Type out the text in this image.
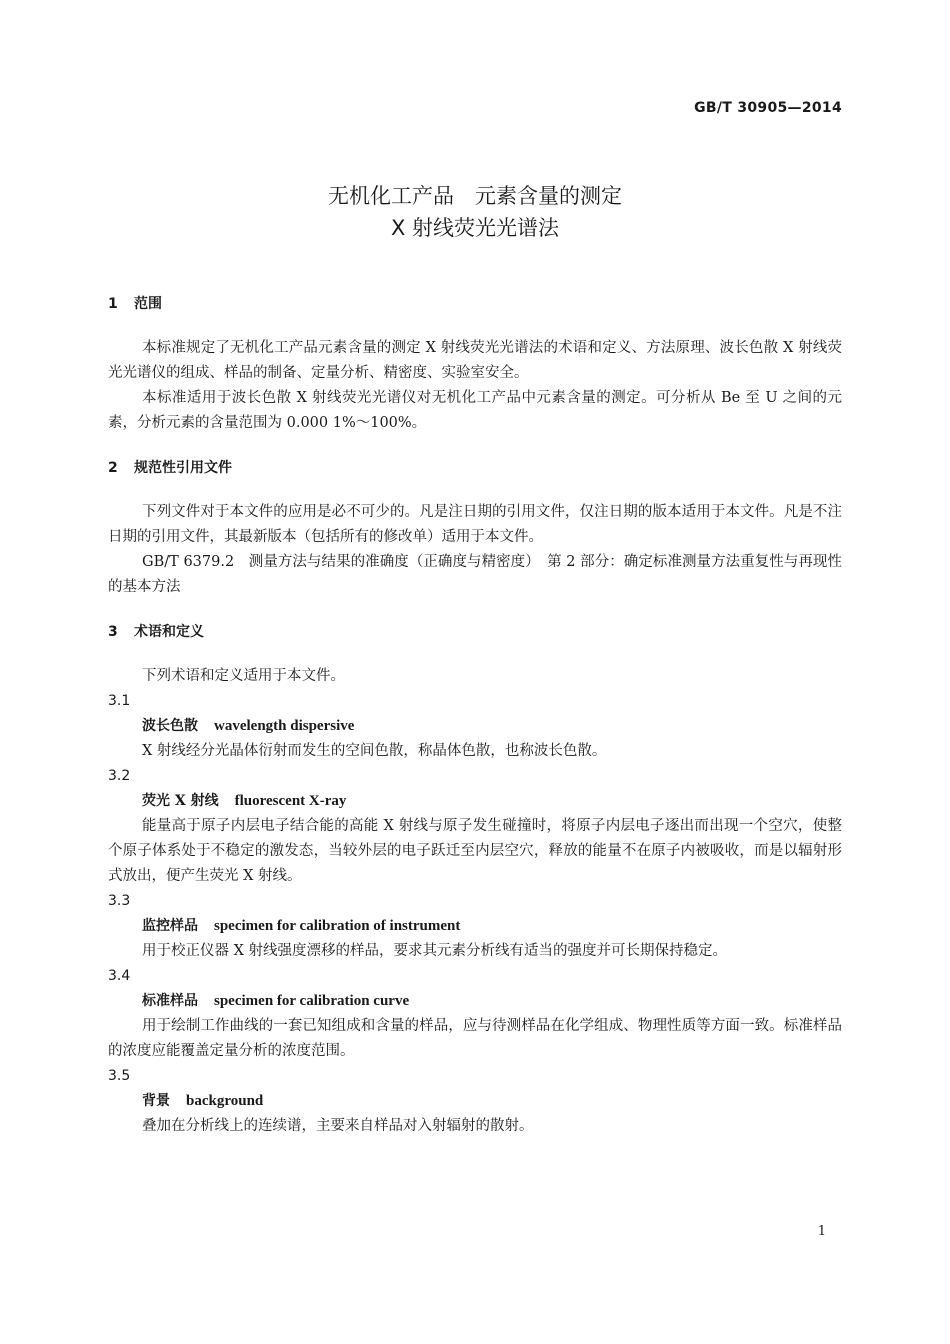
GB/T 30905—2014
无机化工产品　元素含量的测定
X 射线荧光光谱法
1 范围

本标准规定了无机化工产品元素含量的测定 X 射线荧光光谱法的术语和定义、方法原理、波长色散 X 射线荧光光谱仪的组成、样品的制备、定量分析、精密度、实验室安全。

本标准适用于波长色散 X 射线荧光光谱仪对无机化工产品中元素含量的测定。可分析从 Be 至 U 之间的元素，分析元素的含量范围为 0.000 1%～100%。

2 规范性引用文件

下列文件对于本文件的应用是必不可少的。凡是注日期的引用文件，仅注日期的版本适用于本文件。凡是不注日期的引用文件，其最新版本（包括所有的修改单）适用于本文件。

GB/T 6379.2　测量方法与结果的准确度（正确度与精密度）　第 2 部分：确定标准测量方法重复性与再现性的基本方法

3 术语和定义

下列术语和定义适用于本文件。

3.1
波长色散 wavelength dispersive

X 射线经分光晶体衍射而发生的空间色散，称晶体色散，也称波长色散。

3.2
荧光 X 射线 fluorescent X-ray

能量高于原子内层电子结合能的高能 X 射线与原子发生碰撞时，将原子内层电子逐出而出现一个空穴，使整个原子体系处于不稳定的激发态，当较外层的电子跃迁至内层空穴，释放的能量不在原子内被吸收，而是以辐射形式放出，便产生荧光 X 射线。

3.3
监控样品 specimen for calibration of instrument

用于校正仪器 X 射线强度漂移的样品，要求其元素分析线有适当的强度并可长期保持稳定。

3.4
标准样品 specimen for calibration curve

用于绘制工作曲线的一套已知组成和含量的样品，应与待测样品在化学组成、物理性质等方面一致。标准样品的浓度应能覆盖定量分析的浓度范围。

3.5
背景 background

叠加在分析线上的连续谱，主要来自样品对入射辐射的散射。

1
